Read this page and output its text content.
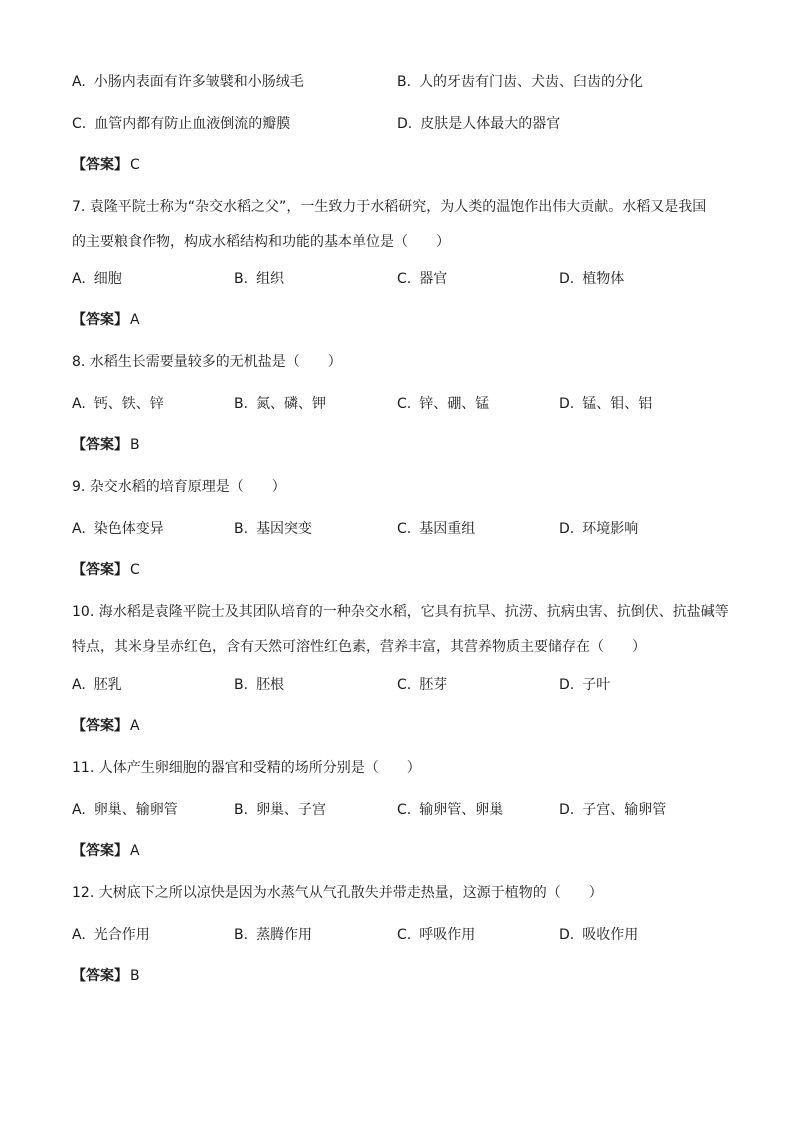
A. 小肠内表面有许多皱襞和小肠绒毛	B. 人的牙齿有门齿、犬齿、臼齿的分化
C. 血管内都有防止血液倒流的瓣膜	D. 皮肤是人体最大的器官
【答案】 C
7. 袁隆平院士称为“杂交水稻之父”，一生致力于水稻研究，为人类的温饱作出伟大贡献。水稻又是我国
的主要粮食作物，构成水稻结构和功能的基本单位是（　　）
A. 细胞	B. 组织	C. 器官	D. 植物体
【答案】 A
8. 水稻生长需要量较多的无机盐是（　　）
A. 钙、铁、锌	B. 氮、磷、钾	C. 锌、硼、锰	D. 锰、钼、铝
【答案】 B
9. 杂交水稻的培育原理是（　　）
A. 染色体变异	B. 基因突变	C. 基因重组	D. 环境影响
【答案】 C
10. 海水稻是袁隆平院士及其团队培育的一种杂交水稻，它具有抗旱、抗涝、抗病虫害、抗倒伏、抗盐碱等
特点，其米身呈赤红色，含有天然可溶性红色素，营养丰富，其营养物质主要储存在（　　）
A. 胚乳	B. 胚根	C. 胚芽	D. 子叶
【答案】 A
11. 人体产生卵细胞的器官和受精的场所分别是（　　）
A. 卵巢、输卵管	B. 卵巢、子宫	C. 输卵管、卵巢	D. 子宫、输卵管
【答案】 A
12. 大树底下之所以凉快是因为水蒸气从气孔散失并带走热量，这源于植物的（　　）
A. 光合作用	B. 蒸腾作用	C. 呼吸作用	D. 吸收作用
【答案】 B
